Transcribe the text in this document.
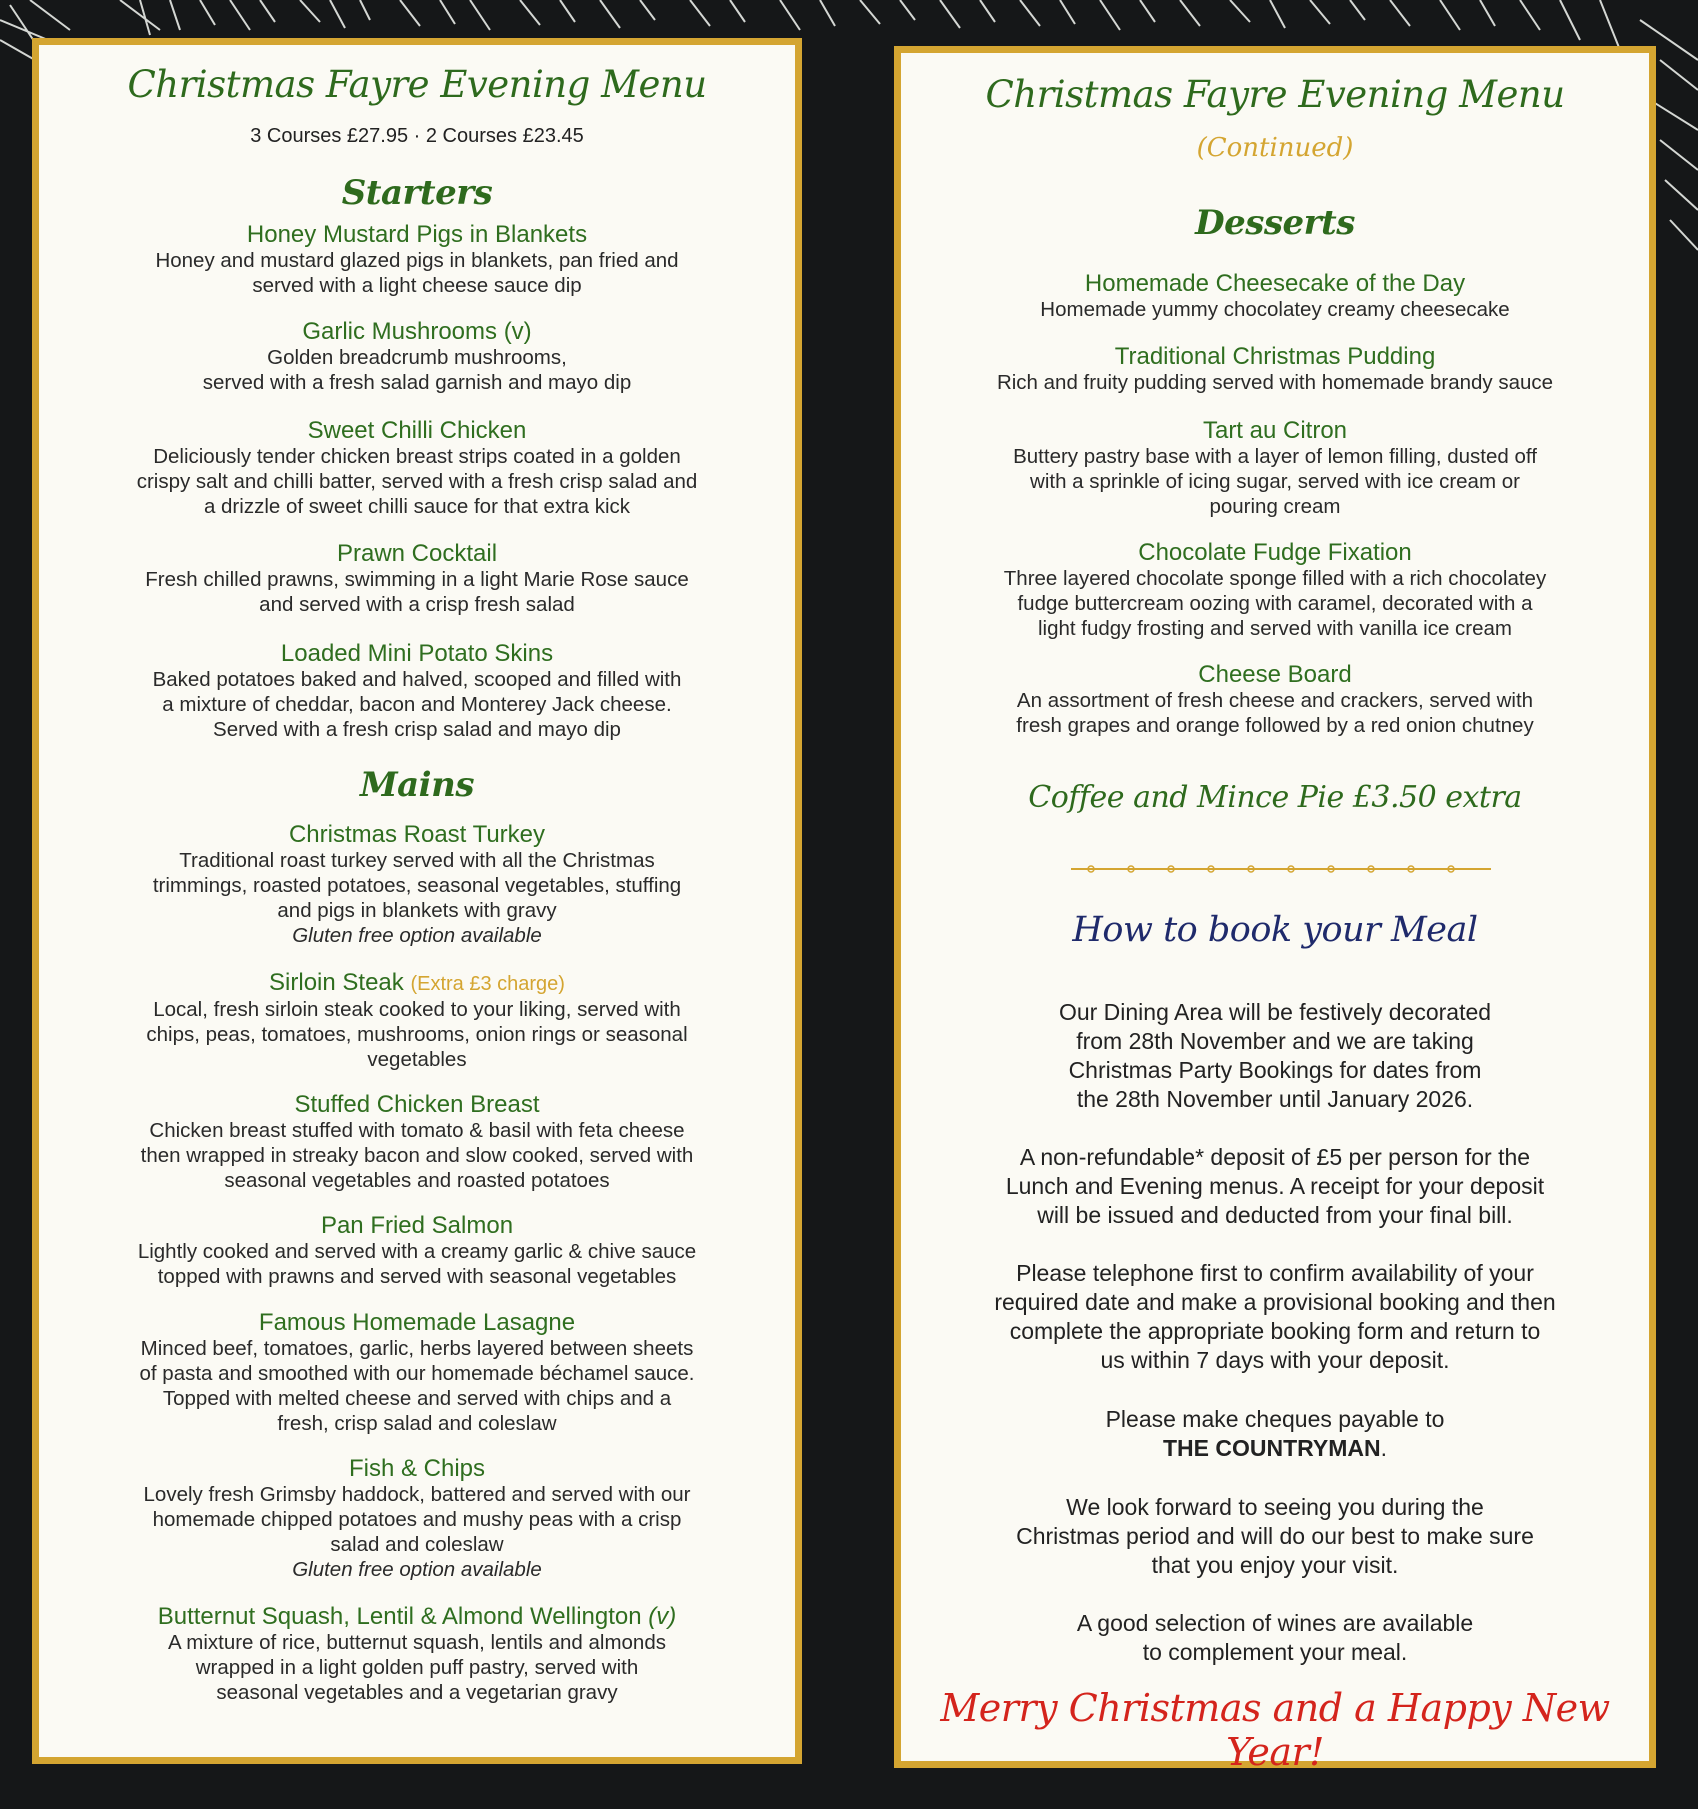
Christmas Fayre Evening Menu
3 Courses £27.95 · 2 Courses £23.45
Starters
Honey Mustard Pigs in Blankets
Honey and mustard glazed pigs in blankets, pan fried and
served with a light cheese sauce dip
Garlic Mushrooms (v)
Golden breadcrumb mushrooms,
served with a fresh salad garnish and mayo dip
Sweet Chilli Chicken
Deliciously tender chicken breast strips coated in a golden
crispy salt and chilli batter, served with a fresh crisp salad and
a drizzle of sweet chilli sauce for that extra kick
Prawn Cocktail
Fresh chilled prawns, swimming in a light Marie Rose sauce
and served with a crisp fresh salad
Loaded Mini Potato Skins
Baked potatoes baked and halved, scooped and filled with
a mixture of cheddar, bacon and Monterey Jack cheese.
Served with a fresh crisp salad and mayo dip
Mains
Christmas Roast Turkey
Traditional roast turkey served with all the Christmas
trimmings, roasted potatoes, seasonal vegetables, stuffing
and pigs in blankets with gravy
Gluten free option available
Sirloin Steak (Extra £3 charge)
Local, fresh sirloin steak cooked to your liking, served with
chips, peas, tomatoes, mushrooms, onion rings or seasonal
vegetables
Stuffed Chicken Breast
Chicken breast stuffed with tomato & basil with feta cheese
then wrapped in streaky bacon and slow cooked, served with
seasonal vegetables and roasted potatoes
Pan Fried Salmon
Lightly cooked and served with a creamy garlic & chive sauce
topped with prawns and served with seasonal vegetables
Famous Homemade Lasagne
Minced beef, tomatoes, garlic, herbs layered between sheets
of pasta and smoothed with our homemade béchamel sauce.
Topped with melted cheese and served with chips and a
fresh, crisp salad and coleslaw
Fish & Chips
Lovely fresh Grimsby haddock, battered and served with our
homemade chipped potatoes and mushy peas with a crisp
salad and coleslaw
Gluten free option available
Butternut Squash, Lentil & Almond Wellington (v)
A mixture of rice, butternut squash, lentils and almonds
wrapped in a light golden puff pastry, served with
seasonal vegetables and a vegetarian gravy
Christmas Fayre Evening Menu
(Continued)
Desserts
Homemade Cheesecake of the Day
Homemade yummy chocolatey creamy cheesecake
Traditional Christmas Pudding
Rich and fruity pudding served with homemade brandy sauce
Tart au Citron
Buttery pastry base with a layer of lemon filling, dusted off
with a sprinkle of icing sugar, served with ice cream or
pouring cream
Chocolate Fudge Fixation
Three layered chocolate sponge filled with a rich chocolatey
fudge buttercream oozing with caramel, decorated with a
light fudgy frosting and served with vanilla ice cream
Cheese Board
An assortment of fresh cheese and crackers, served with
fresh grapes and orange followed by a red onion chutney
Coffee and Mince Pie £3.50 extra
How to book your Meal
Our Dining Area will be festively decorated
from 28th November and we are taking
Christmas Party Bookings for dates from
the 28th November until January 2026.
A non-refundable* deposit of £5 per person for the
Lunch and Evening menus. A receipt for your deposit
will be issued and deducted from your final bill.
Please telephone first to confirm availability of your
required date and make a provisional booking and then
complete the appropriate booking form and return to
us within 7 days with your deposit.
Please make cheques payable to
THE COUNTRYMAN.
We look forward to seeing you during the
Christmas period and will do our best to make sure
that you enjoy your visit.
A good selection of wines are available
to complement your meal.
Merry Christmas and a Happy New Year!
